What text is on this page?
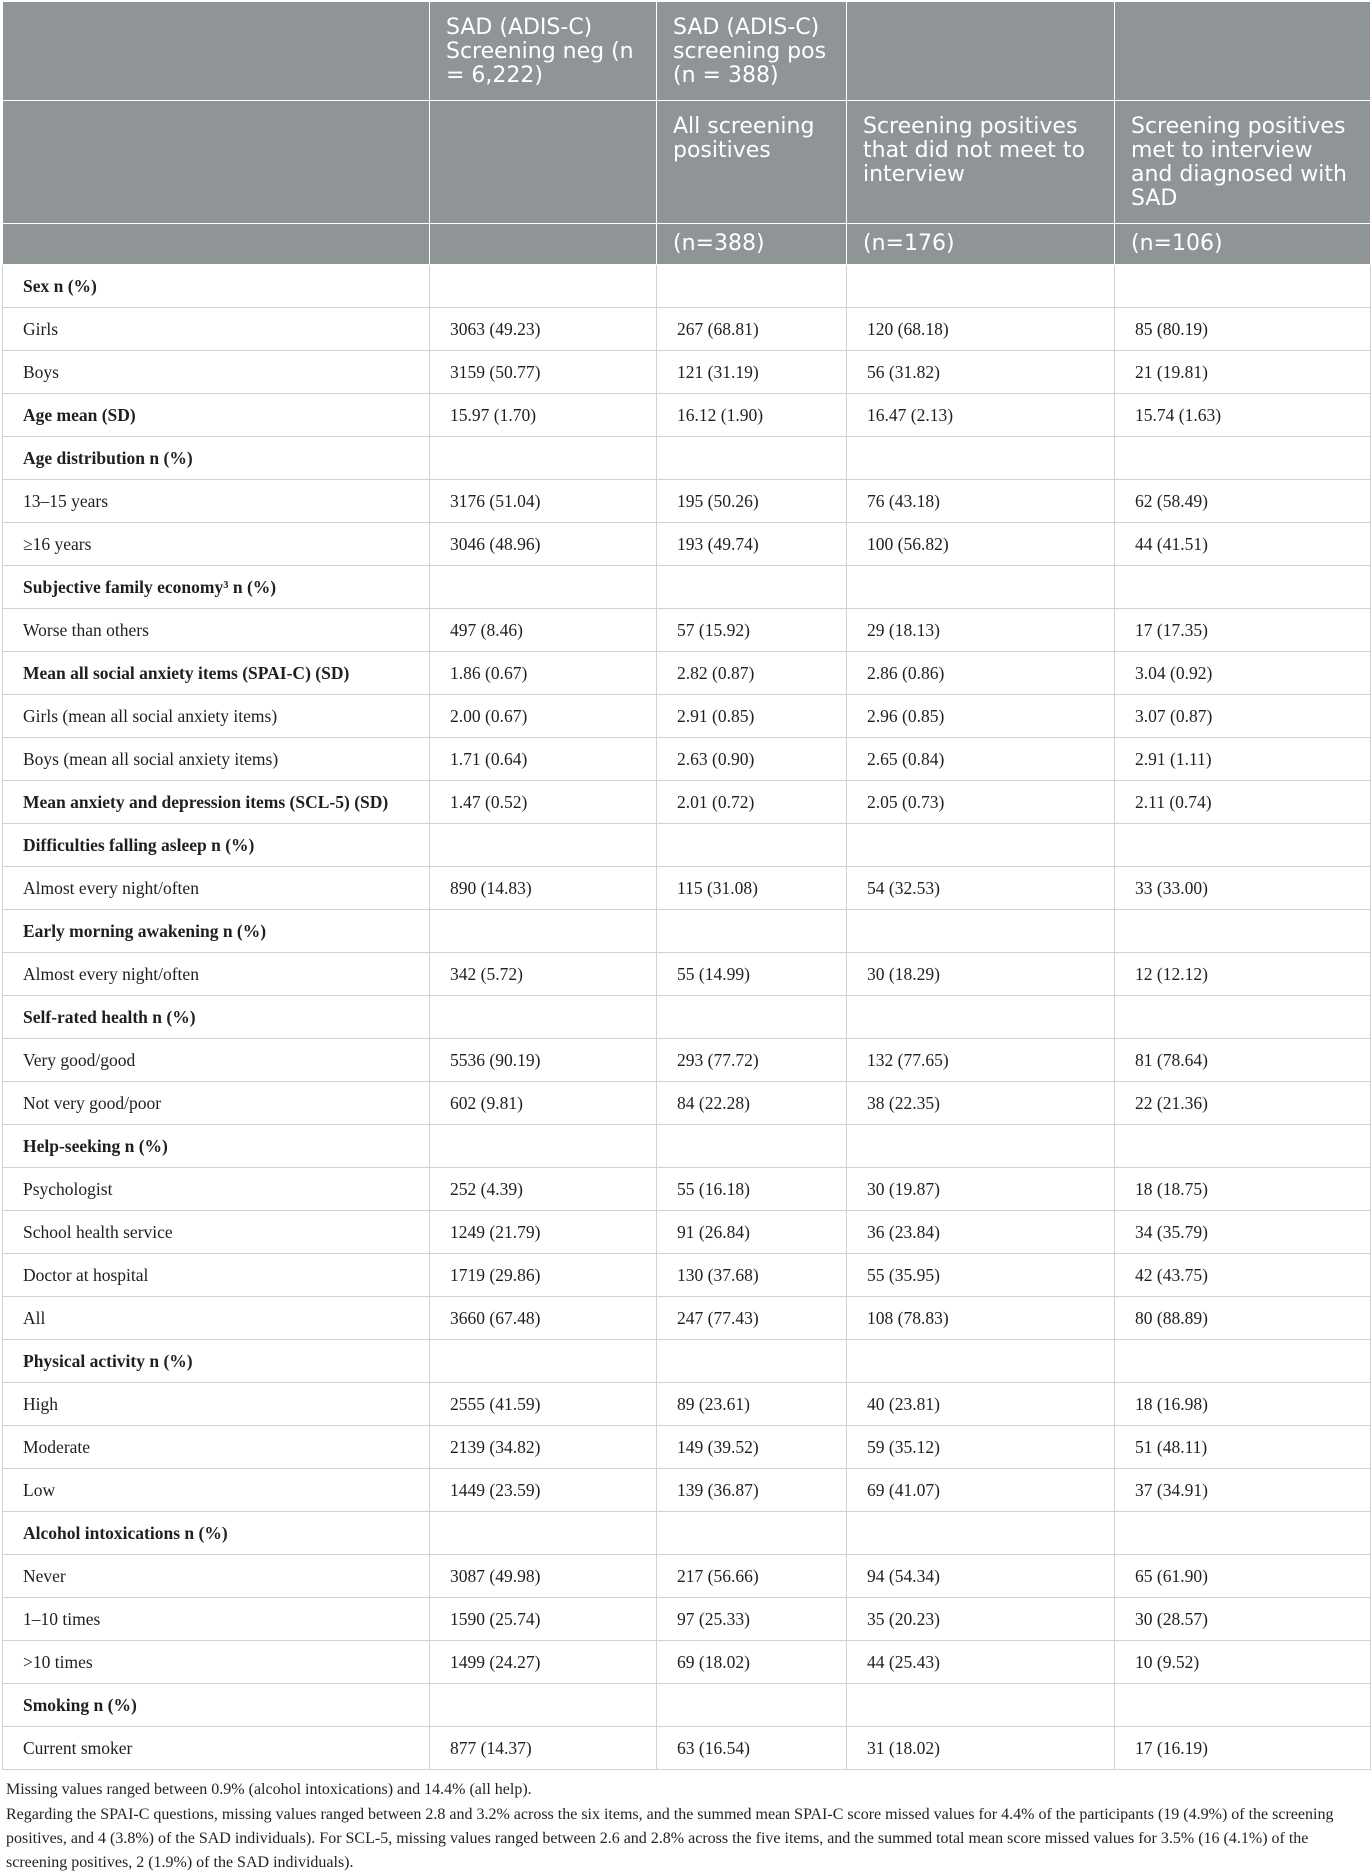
	SAD (ADIS-C) Screening neg (n = 6,222)	SAD (ADIS-C) screening pos (n = 388)		
		All screening positives	Screening positives that did not meet to interview	Screening positives met to interview and diagnosed with SAD
		(n=388)	(n=176)	(n=106)
Sex n (%)				
Girls	3063 (49.23)	267 (68.81)	120 (68.18)	85 (80.19)
Boys	3159 (50.77)	121 (31.19)	56 (31.82)	21 (19.81)
Age mean (SD)	15.97 (1.70)	16.12 (1.90)	16.47 (2.13)	15.74 (1.63)
Age distribution n (%)				
13–15 years	3176 (51.04)	195 (50.26)	76 (43.18)	62 (58.49)
≥16 years	3046 (48.96)	193 (49.74)	100 (56.82)	44 (41.51)
Subjective family economy³ n (%)				
Worse than others	497 (8.46)	57 (15.92)	29 (18.13)	17 (17.35)
Mean all social anxiety items (SPAI-C) (SD)	1.86 (0.67)	2.82 (0.87)	2.86 (0.86)	3.04 (0.92)
Girls (mean all social anxiety items)	2.00 (0.67)	2.91 (0.85)	2.96 (0.85)	3.07 (0.87)
Boys (mean all social anxiety items)	1.71 (0.64)	2.63 (0.90)	2.65 (0.84)	2.91 (1.11)
Mean anxiety and depression items (SCL-5) (SD)	1.47 (0.52)	2.01 (0.72)	2.05 (0.73)	2.11 (0.74)
Difficulties falling asleep n (%)				
Almost every night/often	890 (14.83)	115 (31.08)	54 (32.53)	33 (33.00)
Early morning awakening n (%)				
Almost every night/often	342 (5.72)	55 (14.99)	30 (18.29)	12 (12.12)
Self-rated health n (%)				
Very good/good	5536 (90.19)	293 (77.72)	132 (77.65)	81 (78.64)
Not very good/poor	602 (9.81)	84 (22.28)	38 (22.35)	22 (21.36)
Help-seeking n (%)				
Psychologist	252 (4.39)	55 (16.18)	30 (19.87)	18 (18.75)
School health service	1249 (21.79)	91 (26.84)	36 (23.84)	34 (35.79)
Doctor at hospital	1719 (29.86)	130 (37.68)	55 (35.95)	42 (43.75)
All	3660 (67.48)	247 (77.43)	108 (78.83)	80 (88.89)
Physical activity n (%)				
High	2555 (41.59)	89 (23.61)	40 (23.81)	18 (16.98)
Moderate	2139 (34.82)	149 (39.52)	59 (35.12)	51 (48.11)
Low	1449 (23.59)	139 (36.87)	69 (41.07)	37 (34.91)
Alcohol intoxications n (%)				
Never	3087 (49.98)	217 (56.66)	94 (54.34)	65 (61.90)
1–10 times	1590 (25.74)	97 (25.33)	35 (20.23)	30 (28.57)
>10 times	1499 (24.27)	69 (18.02)	44 (25.43)	10 (9.52)
Smoking n (%)				
Current smoker	877 (14.37)	63 (16.54)	31 (18.02)	17 (16.19)

Missing values ranged between 0.9% (alcohol intoxications) and 14.4% (all help).

Regarding the SPAI-C questions, missing values ranged between 2.8 and 3.2% across the six items, and the summed mean SPAI-C score missed values for 4.4% of the participants (19 (4.9%) of the screening positives, and 4 (3.8%) of the SAD individuals). For SCL-5, missing values ranged between 2.6 and 2.8% across the five items, and the summed total mean score missed values for 3.5% (16 (4.1%) of the screening positives, 2 (1.9%) of the SAD individuals).
